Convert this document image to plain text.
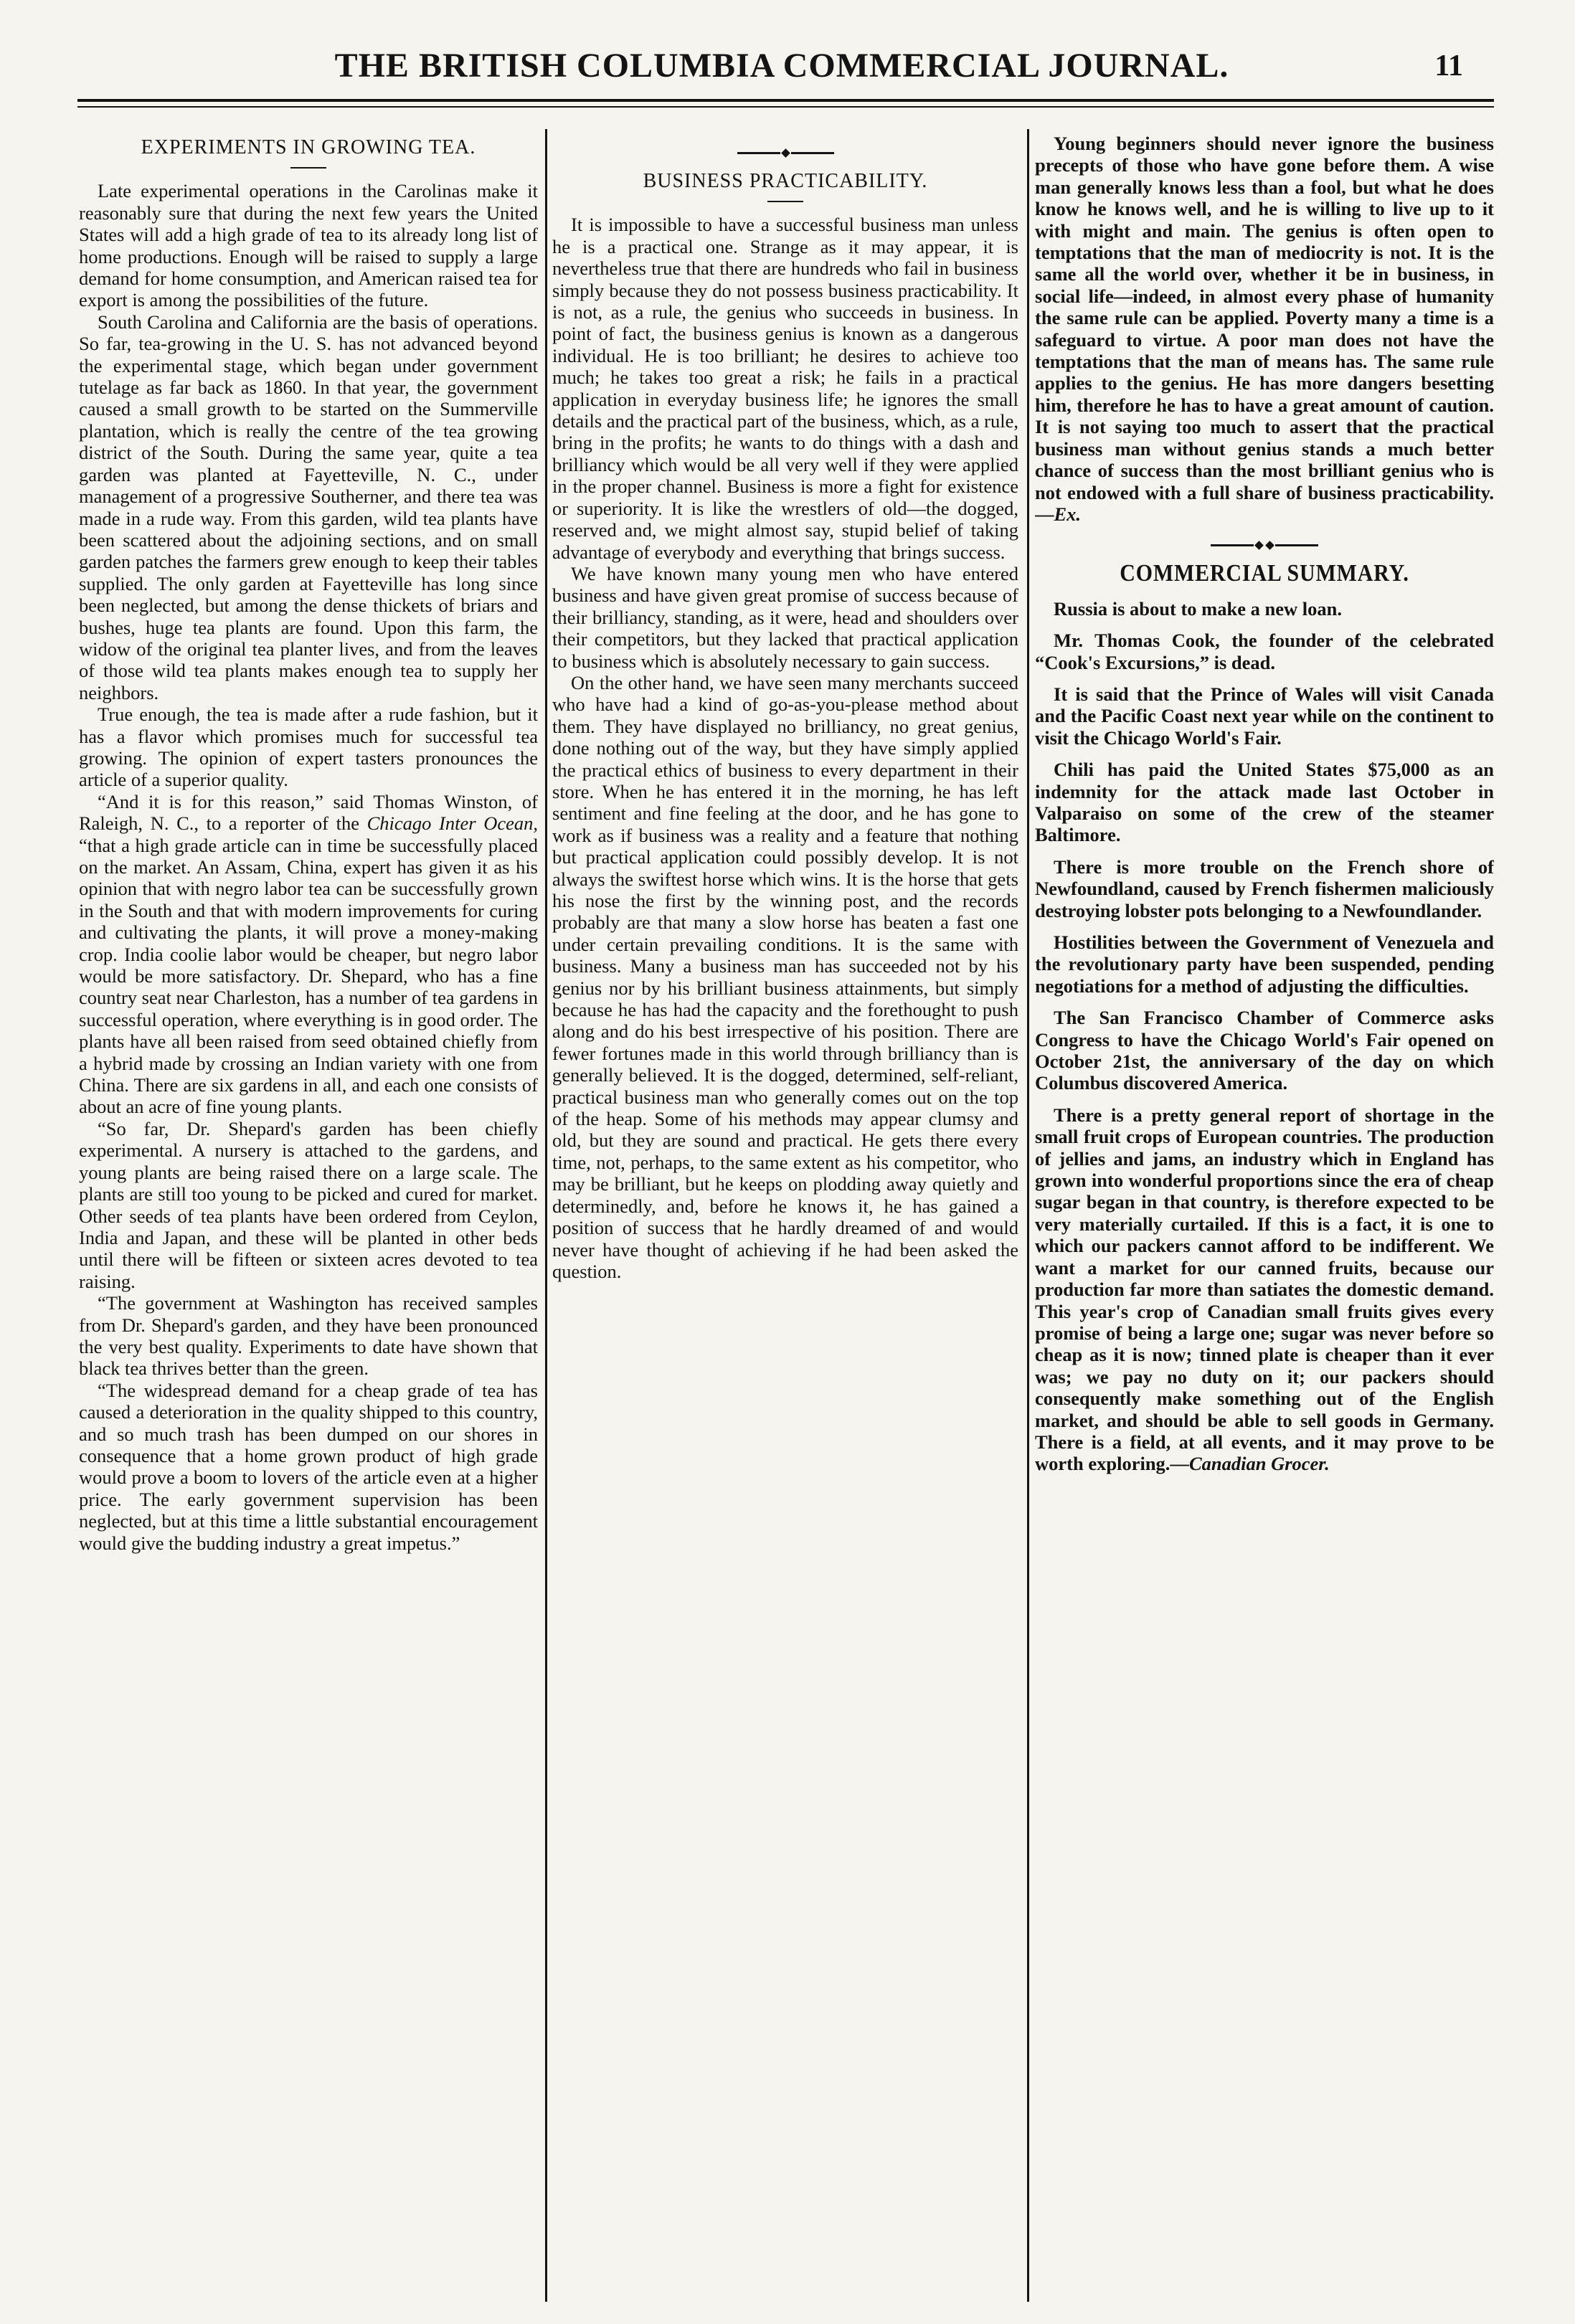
THE BRITISH COLUMBIA COMMERCIAL JOURNAL.	11
EXPERIMENTS IN GROWING TEA.

Late experimental operations in the Carolinas make it reasonably sure that during the next few years the United States will add a high grade of tea to its already long list of home productions. Enough will be raised to supply a large demand for home consumption, and American raised tea for export is among the possibilities of the future.

South Carolina and California are the basis of operations. So far, tea-growing in the U. S. has not advanced beyond the experimental stage, which began under government tutelage as far back as 1860. In that year, the government caused a small growth to be started on the Summerville plantation, which is really the centre of the tea growing district of the South. During the same year, quite a tea garden was planted at Fayetteville, N. C., under management of a progressive Southerner, and there tea was made in a rude way. From this garden, wild tea plants have been scattered about the adjoining sections, and on small garden patches the farmers grew enough to keep their tables supplied. The only garden at Fayetteville has long since been neglected, but among the dense thickets of briars and bushes, huge tea plants are found. Upon this farm, the widow of the original tea planter lives, and from the leaves of those wild tea plants makes enough tea to supply her neighbors.

True enough, the tea is made after a rude fashion, but it has a flavor which promises much for successful tea growing. The opinion of expert tasters pronounces the article of a superior quality.

“And it is for this reason,” said Thomas Winston, of Raleigh, N. C., to a reporter of the Chicago Inter Ocean, “that a high grade article can in time be successfully placed on the market. An Assam, China, expert has given it as his opinion that with negro labor tea can be successfully grown in the South and that with modern improvements for curing and cultivating the plants, it will prove a money-making crop. India coolie labor would be cheaper, but negro labor would be more satisfactory. Dr. Shepard, who has a fine country seat near Charleston, has a number of tea gardens in successful operation, where everything is in good order. The plants have all been raised from seed obtained chiefly from a hybrid made by crossing an Indian variety with one from China. There are six gardens in all, and each one consists of about an acre of fine young plants.

“So far, Dr. Shepard's garden has been chiefly experimental. A nursery is attached to the gardens, and young plants are being raised there on a large scale. The plants are still too young to be picked and cured for market. Other seeds of tea plants have been ordered from Ceylon, India and Japan, and these will be planted in other beds until there will be fifteen or sixteen acres devoted to tea raising.

“The government at Washington has received samples from Dr. Shepard's garden, and they have been pronounced the very best quality. Experiments to date have shown that black tea thrives better than the green.

“The widespread demand for a cheap grade of tea has caused a deterioration in the quality shipped to this country, and so much trash has been dumped on our shores in consequence that a home grown product of high grade would prove a boom to lovers of the article even at a higher price. The early government supervision has been neglected, but at this time a little substantial encouragement would give the budding industry a great impetus.”

BUSINESS PRACTICABILITY.

It is impossible to have a successful business man unless he is a practical one. Strange as it may appear, it is nevertheless true that there are hundreds who fail in business simply because they do not possess business practicability. It is not, as a rule, the genius who succeeds in business. In point of fact, the business genius is known as a dangerous individual. He is too brilliant; he desires to achieve too much; he takes too great a risk; he fails in a practical application in everyday business life; he ignores the small details and the practical part of the business, which, as a rule, bring in the profits; he wants to do things with a dash and brilliancy which would be all very well if they were applied in the proper channel. Business is more a fight for existence or superiority. It is like the wrestlers of old—the dogged, reserved and, we might almost say, stupid belief of taking advantage of everybody and everything that brings success.

We have known many young men who have entered business and have given great promise of success because of their brilliancy, standing, as it were, head and shoulders over their competitors, but they lacked that practical application to business which is absolutely necessary to gain success.

On the other hand, we have seen many merchants succeed who have had a kind of go-as-you-please method about them. They have displayed no brilliancy, no great genius, done nothing out of the way, but they have simply applied the practical ethics of business to every department in their store. When he has entered it in the morning, he has left sentiment and fine feeling at the door, and he has gone to work as if business was a reality and a feature that nothing but practical application could possibly develop. It is not always the swiftest horse which wins. It is the horse that gets his nose the first by the winning post, and the records probably are that many a slow horse has beaten a fast one under certain prevailing conditions. It is the same with business. Many a business man has succeeded not by his genius nor by his brilliant business attainments, but simply because he has had the capacity and the forethought to push along and do his best irrespective of his position. There are fewer fortunes made in this world through brilliancy than is generally believed. It is the dogged, determined, self-reliant, practical business man who generally comes out on the top of the heap. Some of his methods may appear clumsy and old, but they are sound and practical. He gets there every time, not, perhaps, to the same extent as his competitor, who may be brilliant, but he keeps on plodding away quietly and determinedly, and, before he knows it, he has gained a position of success that he hardly dreamed of and would never have thought of achieving if he had been asked the question.

Young beginners should never ignore the business precepts of those who have gone before them. A wise man generally knows less than a fool, but what he does know he knows well, and he is willing to live up to it with might and main. The genius is often open to temptations that the man of mediocrity is not. It is the same all the world over, whether it be in business, in social life—indeed, in almost every phase of humanity the same rule can be applied. Poverty many a time is a safeguard to virtue. A poor man does not have the temptations that the man of means has. The same rule applies to the genius. He has more dangers besetting him, therefore he has to have a great amount of caution. It is not saying too much to assert that the practical business man without genius stands a much better chance of success than the most brilliant genius who is not endowed with a full share of business practicability.—Ex.

COMMERCIAL SUMMARY.

Russia is about to make a new loan.

Mr. Thomas Cook, the founder of the celebrated “Cook's Excursions,” is dead.

It is said that the Prince of Wales will visit Canada and the Pacific Coast next year while on the continent to visit the Chicago World's Fair.

Chili has paid the United States $75,000 as an indemnity for the attack made last October in Valparaiso on some of the crew of the steamer Baltimore.

There is more trouble on the French shore of Newfoundland, caused by French fishermen maliciously destroying lobster pots belonging to a Newfoundlander.

Hostilities between the Government of Venezuela and the revolutionary party have been suspended, pending negotiations for a method of adjusting the difficulties.

The San Francisco Chamber of Commerce asks Congress to have the Chicago World's Fair opened on October 21st, the anniversary of the day on which Columbus discovered America.

There is a pretty general report of shortage in the small fruit crops of European countries. The production of jellies and jams, an industry which in England has grown into wonderful proportions since the era of cheap sugar began in that country, is therefore expected to be very materially curtailed. If this is a fact, it is one to which our packers cannot afford to be indifferent. We want a market for our canned fruits, because our production far more than satiates the domestic demand. This year's crop of Canadian small fruits gives every promise of being a large one; sugar was never before so cheap as it is now; tinned plate is cheaper than it ever was; we pay no duty on it; our packers should consequently make something out of the English market, and should be able to sell goods in Germany. There is a field, at all events, and it may prove to be worth exploring.—Canadian Grocer.
